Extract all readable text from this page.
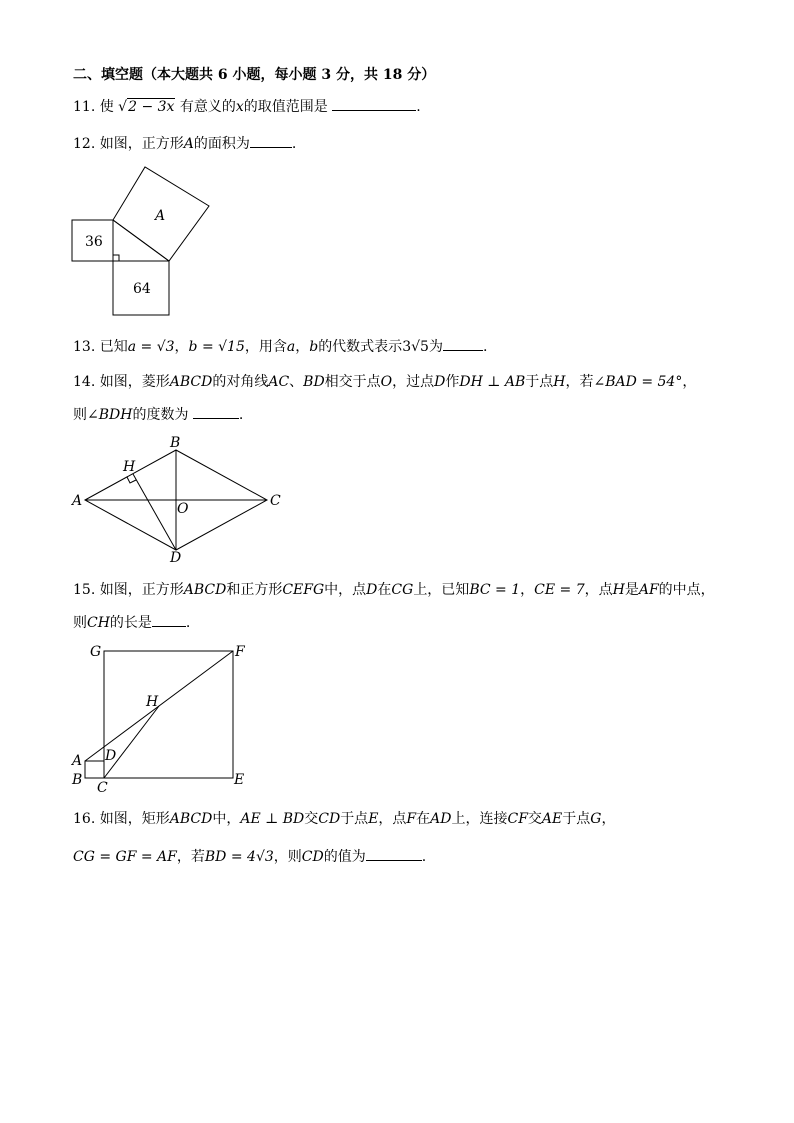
二、填空题（本大题共 6 小题，每小题 3 分，共 18 分）
11. 使 √2 − 3x 有意义的x的取值范围是	.
12. 如图，正方形A的面积为	.
A
36
64
13. 已知a = √3，b = √15，用含a，b的代数式表示3√5为	.
14. 如图，菱形ABCD的对角线AC、BD相交于点O，过点D作DH ⊥ AB于点H，若∠BAD = 54°，
则∠BDH的度数为	.
B
H
A	O	C
D
15. 如图，正方形ABCD和正方形CEFG中，点D在CG上，已知BC = 1，CE = 7，点H是AF的中点，
则CH的长是 .
G	F
H
A D
B C	E
16. 如图，矩形ABCD中，AE ⊥ BD交CD于点E，点F在AD上，连接CF交AE于点G，
CG = GF = AF，若BD = 4√3，则CD的值为	.
